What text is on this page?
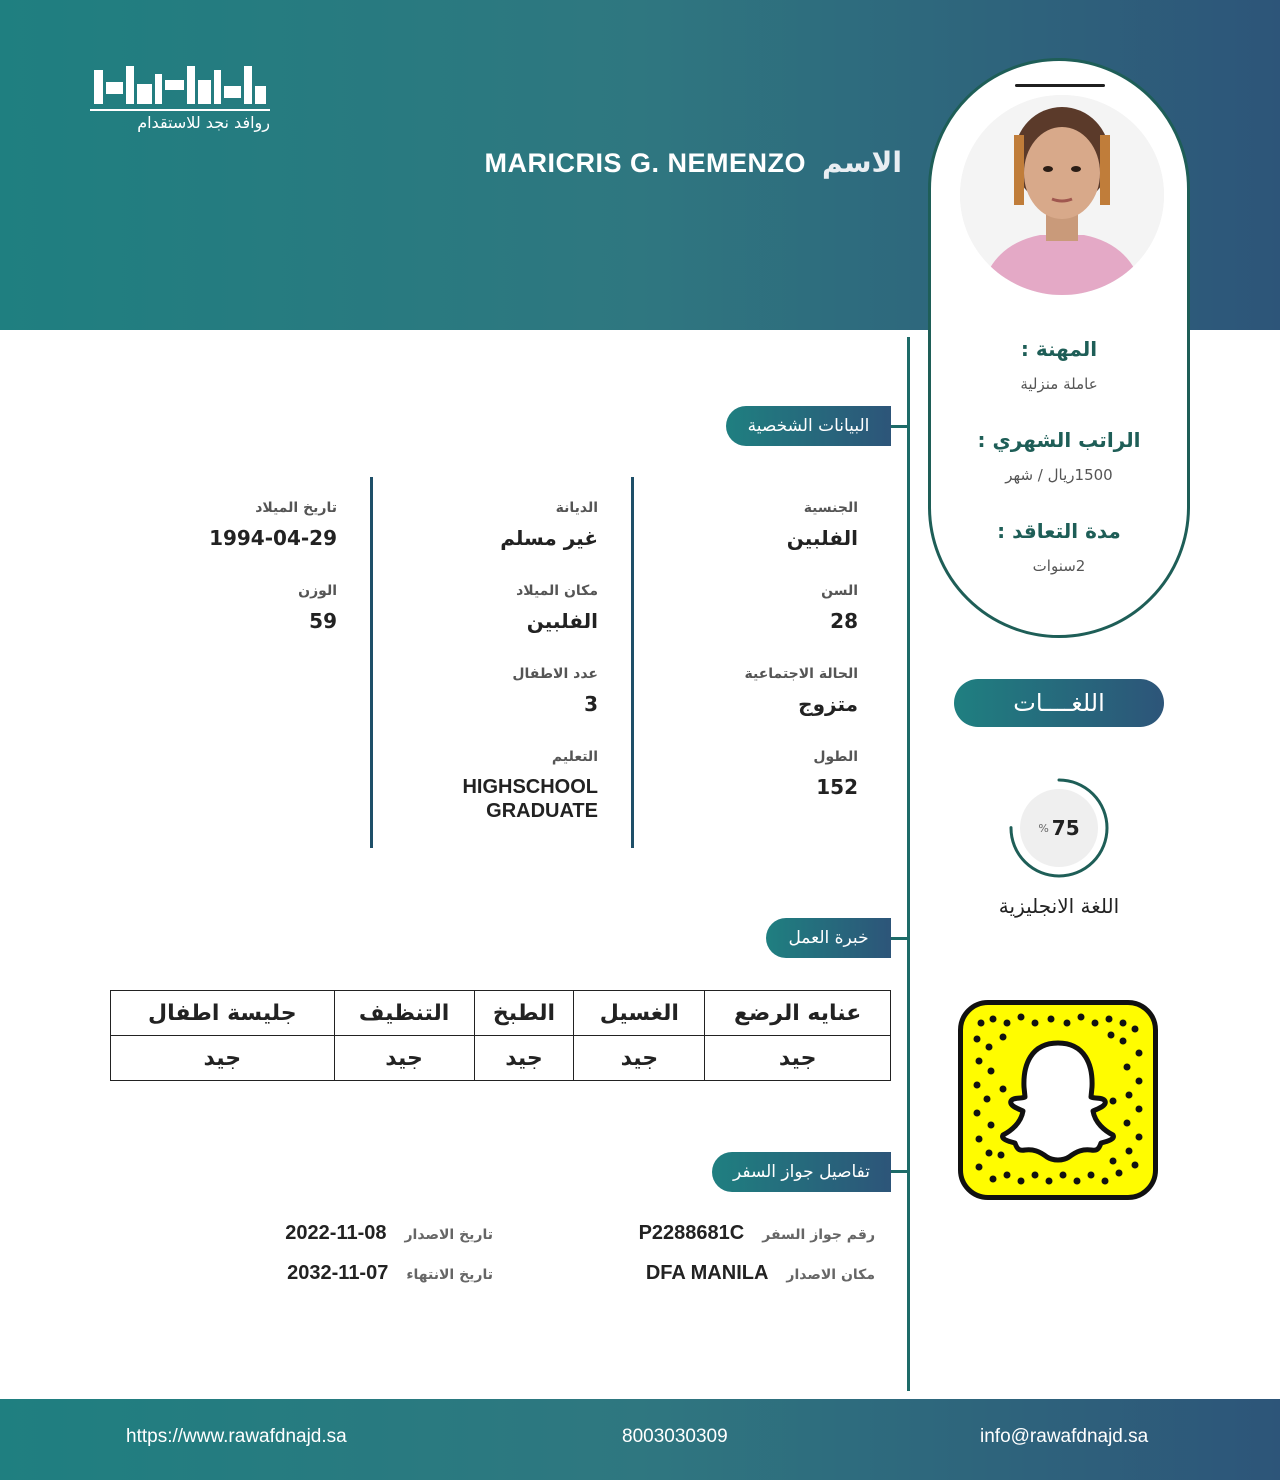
روافد نجد للاستقدام
الاسم
MARICRIS G. NEMENZO
المهنة :
عاملة منزلية
الراتب الشهري :
1500ريال / شهر
مدة التعاقد :
2سنوات
البيانات الشخصية
الجنسية
الفلبين
السن
28
الحالة الاجتماعية
متزوج
الطول
152
الديانة
غير مسلم
مكان الميلاد
الفلبين
عدد الاطفال
3
التعليم
HIGHSCHOOL GRADUATE
تاريخ الميلاد
1994-04-29
الوزن
59
اللغــــات
% 75
اللغة الانجليزية
خبرة العمل
عنايه الرضع	الغسيل	الطبخ	التنظيف	جليسة اطفال
جيد	جيد	جيد	جيد	جيد
تفاصيل جواز السفر
رقم جواز السفر
P2288681C
مكان الاصدار
DFA MANILA
تاريخ الاصدار
2022-11-08
تاريخ الانتهاء
2032-11-07
https://www.rawafdnajd.sa	8003030309	info@rawafdnajd.sa
